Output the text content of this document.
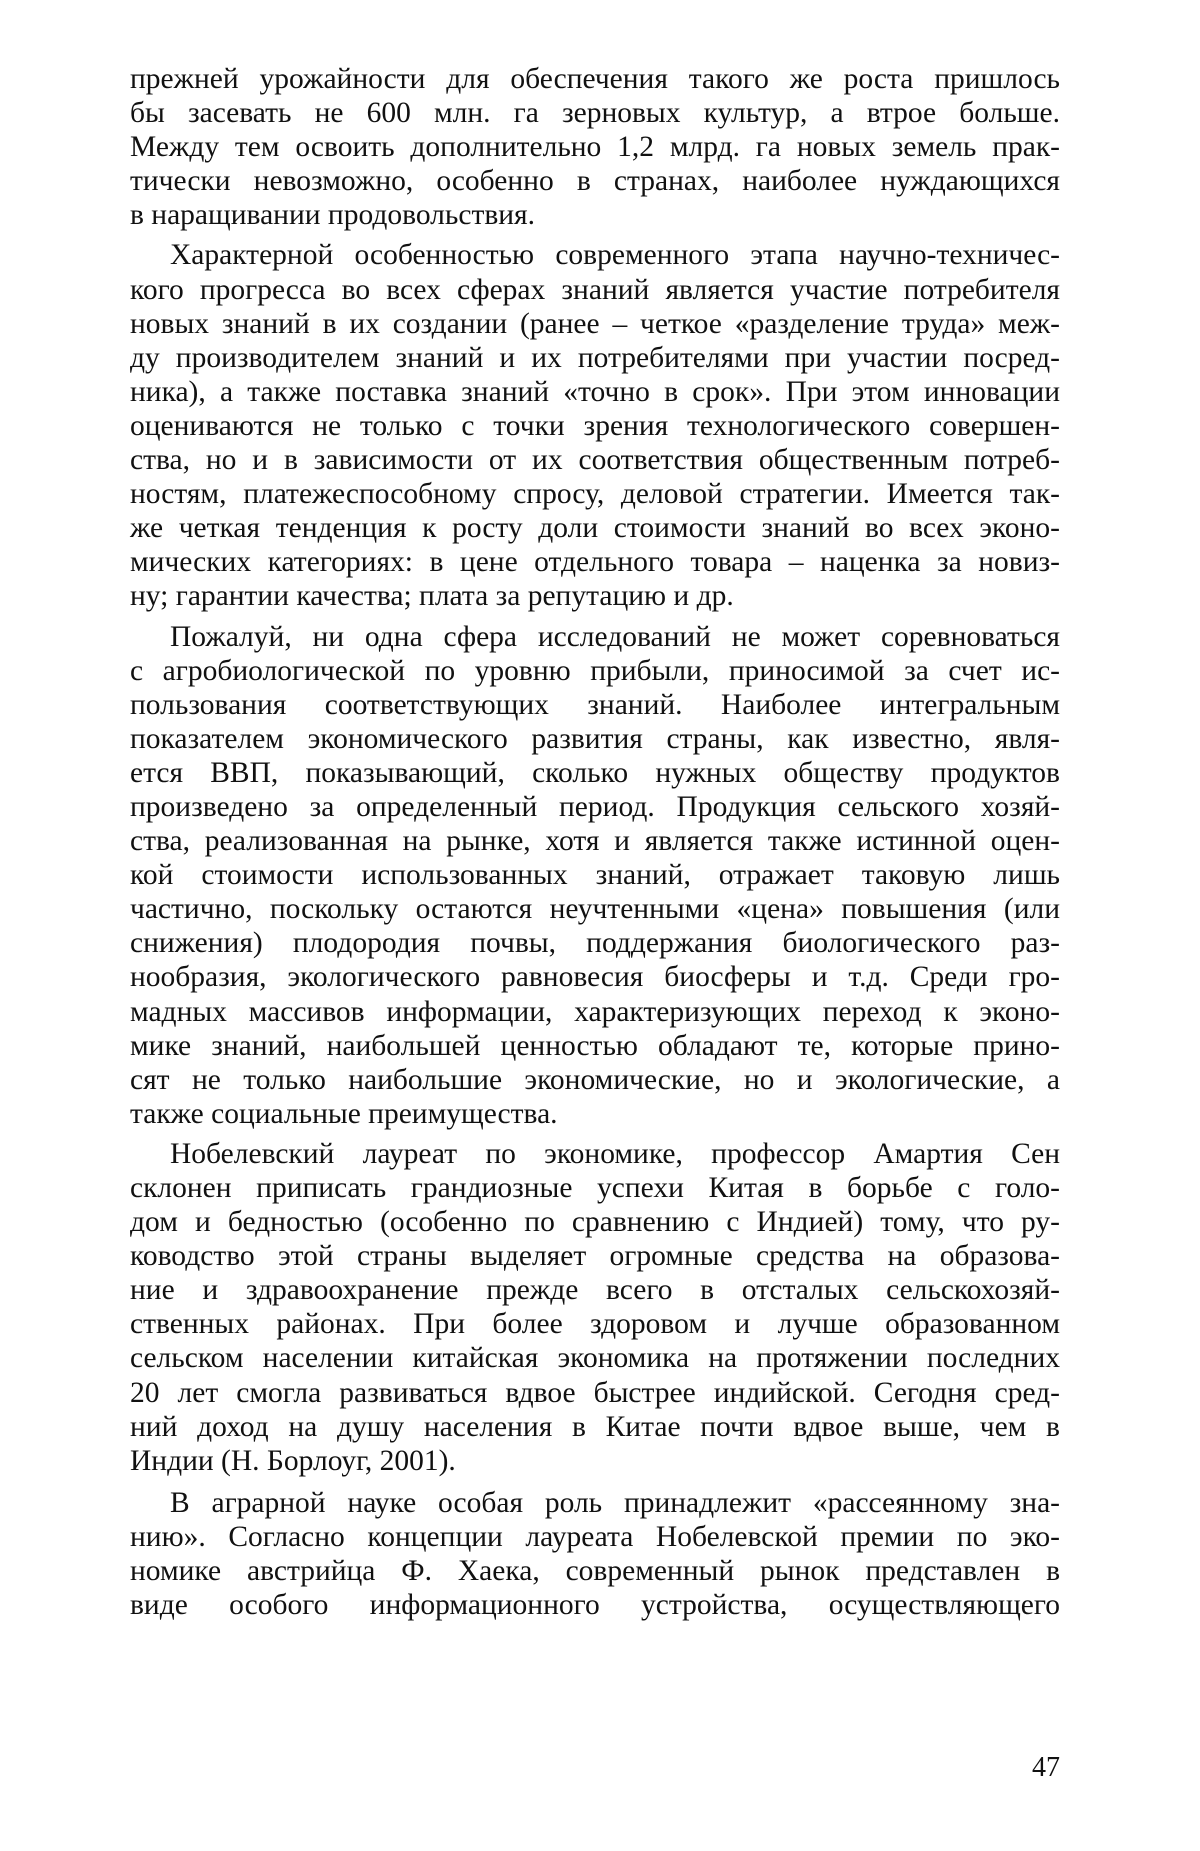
прежней урожайности для обеспечения такого же роста пришлось
бы засевать не 600 млн. га зерновых культур, а втрое больше.
Между тем освоить дополнительно 1,2 млрд. га новых земель прак-
тически невозможно, особенно в странах, наиболее нуждающихся
в наращивании продовольствия.
Характерной особенностью современного этапа научно-техничес-
кого прогресса во всех сферах знаний является участие потребителя
новых знаний в их создании (ранее – четкое «разделение труда» меж-
ду производителем знаний и их потребителями при участии посред-
ника), а также поставка знаний «точно в срок». При этом инновации
оцениваются не только с точки зрения технологического совершен-
ства, но и в зависимости от их соответствия общественным потреб-
ностям, платежеспособному спросу, деловой стратегии. Имеется так-
же четкая тенденция к росту доли стоимости знаний во всех эконо-
мических категориях: в цене отдельного товара – наценка за новиз-
ну; гарантии качества; плата за репутацию и др.
Пожалуй, ни одна сфера исследований не может соревноваться
с агробиологической по уровню прибыли, приносимой за счет ис-
пользования соответствующих знаний. Наиболее интегральным
показателем экономического развития страны, как известно, явля-
ется ВВП, показывающий, сколько нужных обществу продуктов
произведено за определенный период. Продукция сельского хозяй-
ства, реализованная на рынке, хотя и является также истинной оцен-
кой стоимости использованных знаний, отражает таковую лишь
частично, поскольку остаются неучтенными «цена» повышения (или
снижения) плодородия почвы, поддержания биологического раз-
нообразия, экологического равновесия биосферы и т.д. Среди гро-
мадных массивов информации, характеризующих переход к эконо-
мике знаний, наибольшей ценностью обладают те, которые прино-
сят не только наибольшие экономические, но и экологические, а
также социальные преимущества.
Нобелевский лауреат по экономике, профессор Амартия Сен
склонен приписать грандиозные успехи Китая в борьбе с голо-
дом и бедностью (особенно по сравнению с Индией) тому, что ру-
ководство этой страны выделяет огромные средства на образова-
ние и здравоохранение прежде всего в отсталых сельскохозяй-
ственных районах. При более здоровом и лучше образованном
сельском населении китайская экономика на протяжении последних
20 лет смогла развиваться вдвое быстрее индийской. Сегодня сред-
ний доход на душу населения в Китае почти вдвое выше, чем в
Индии (Н. Борлоуг, 2001).
В аграрной науке особая роль принадлежит «рассеянному зна-
нию». Согласно концепции лауреата Нобелевской премии по эко-
номике австрийца Ф. Хаека, современный рынок представлен в
виде особого информационного устройства, осуществляющего
47
